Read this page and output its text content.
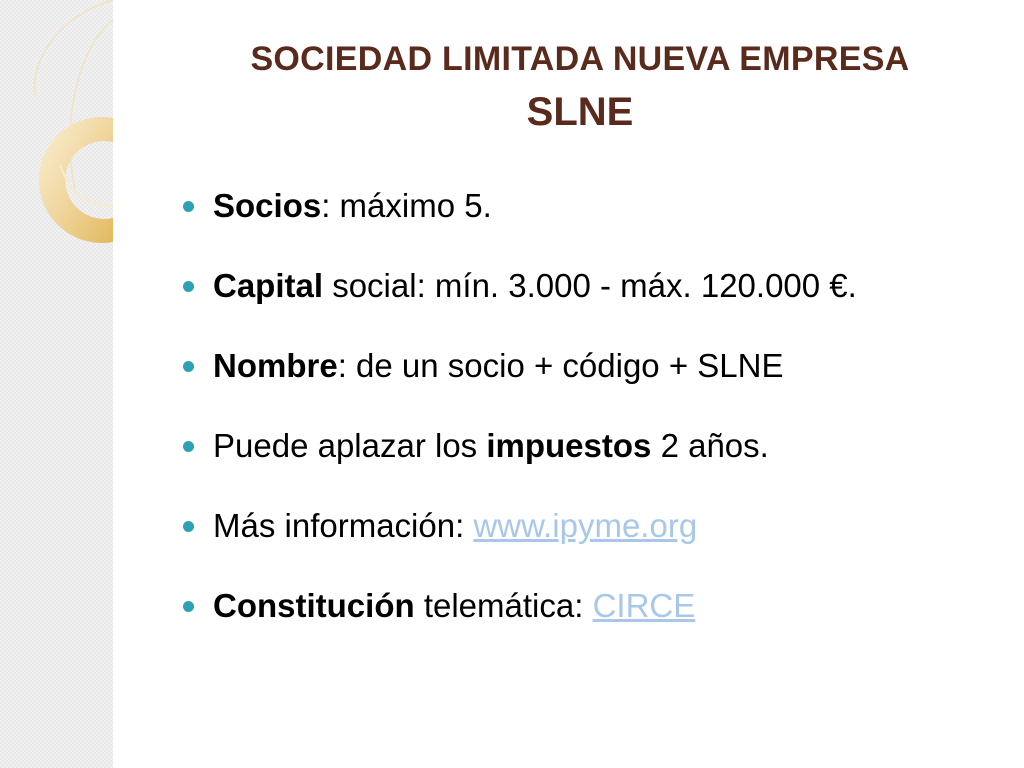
SOCIEDAD LIMITADA NUEVA EMPRESA
SLNE
Socios: máximo 5.
Capital social: mín. 3.000 - máx. 120.000 €.
Nombre: de un socio + código + SLNE
Puede aplazar los impuestos 2 años.
Más información: www.ipyme.org
Constitución telemática: CIRCE
